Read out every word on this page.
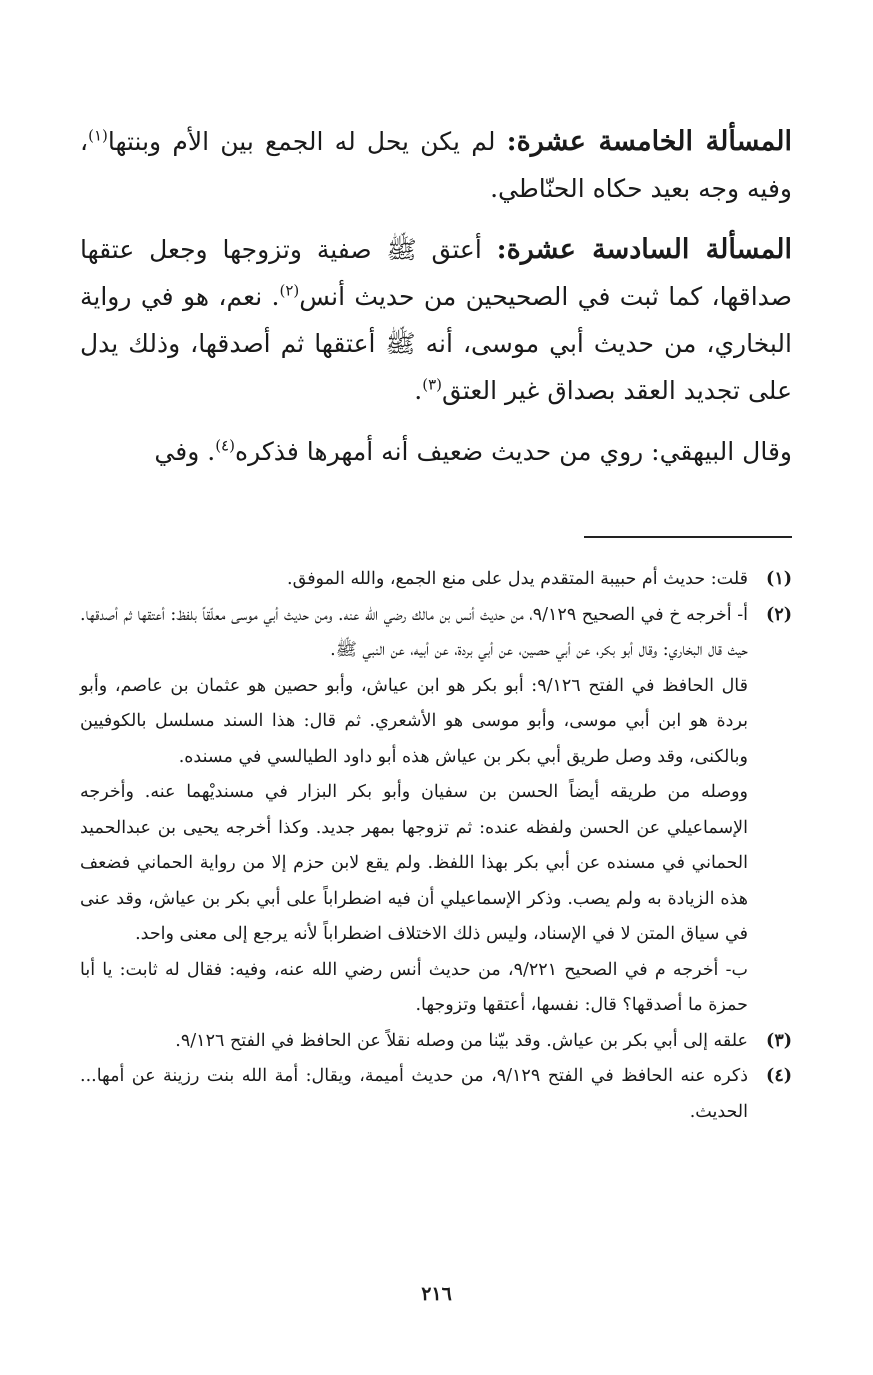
المسألة الخامسة عشرة: لم يكن يحل له الجمع بين الأم وبنتها$^{(١)}$، وفيه وجه بعيد حكاه الحنّاطي.

المسألة السادسة عشرة: أعتق ﷺ صفية وتزوجها وجعل عتقها صداقها، كما ثبت في الصحيحين من حديث أنس$^{(٢)}$. نعم، هو في رواية البخاري، من حديث أبي موسى، أنه ﷺ أعتقها ثم أصدقها، وذلك يدل على تجديد العقد بصداق غير العتق$^{(٣)}$.

وقال البيهقي: روي من حديث ضعيف أنه أمهرها فذكره$^{(٤)}$. وفي

(١)

قلت: حديث أم حبيبة المتقدم يدل على منع الجمع، والله الموفق.

(٢)

أ- أخرجه خ في الصحيح ٩/١٢٩، من حديث أنس بن مالك رضي الله عنه. ومن حديث أبي موسى معلّقاً بلفظ: أعتقها ثم أصدقها. حيث قال البخاري: وقال أبو بكر، عن أبي حصين، عن أبي بردة، عن أبيه، عن النبي ﷺ.

قال الحافظ في الفتح ٩/١٢٦: أبو بكر هو ابن عياش، وأبو حصين هو عثمان بن عاصم، وأبو بردة هو ابن أبي موسى، وأبو موسى هو الأشعري. ثم قال: هذا السند مسلسل بالكوفيين وبالكنى، وقد وصل طريق أبي بكر بن عياش هذه أبو داود الطيالسي في مسنده.

ووصله من طريقه أيضاً الحسن بن سفيان وأبو بكر البزار في مسنديْهما عنه. وأخرجه الإسماعيلي عن الحسن ولفظه عنده: ثم تزوجها بمهر جديد. وكذا أخرجه يحيى بن عبدالحميد الحماني في مسنده عن أبي بكر بهذا اللفظ. ولم يقع لابن حزم إلا من رواية الحماني فضعف هذه الزيادة به ولم يصب. وذكر الإسماعيلي أن فيه اضطراباً على أبي بكر بن عياش، وقد عنى في سياق المتن لا في الإسناد، وليس ذلك الاختلاف اضطراباً لأنه يرجع إلى معنى واحد.

ب- أخرجه م في الصحيح ٩/٢٢١، من حديث أنس رضي الله عنه، وفيه: فقال له ثابت: يا أبا حمزة ما أصدقها؟ قال: نفسها، أعتقها وتزوجها.

(٣)

علقه إلى أبي بكر بن عياش. وقد بيّنا من وصله نقلاً عن الحافظ في الفتح ٩/١٢٦.

(٤)

ذكره عنه الحافظ في الفتح ٩/١٢٩، من حديث أميمة، ويقال: أمة الله بنت رزينة عن أمها... الحديث.

٢١٦
